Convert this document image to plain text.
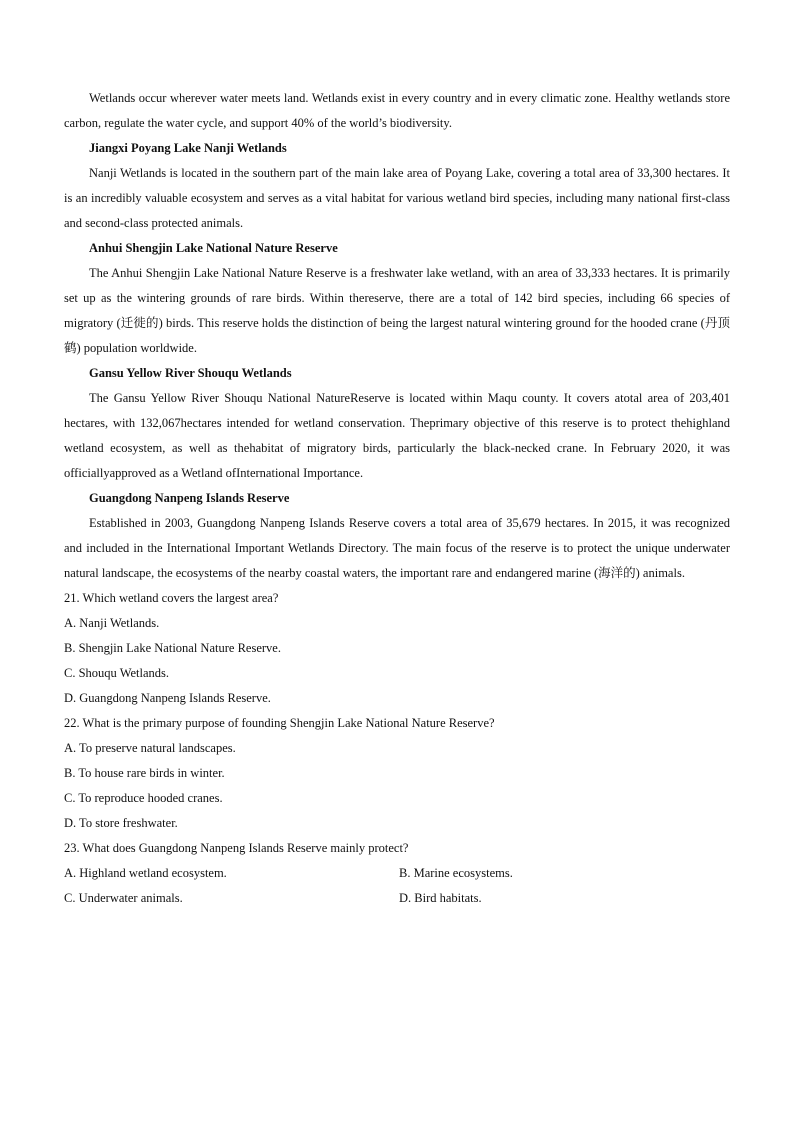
Wetlands occur wherever water meets land. Wetlands exist in every country and in every climatic zone. Healthy wetlands store carbon, regulate the water cycle, and support 40% of the world’s biodiversity.

Jiangxi Poyang Lake Nanji Wetlands

Nanji Wetlands is located in the southern part of the main lake area of Poyang Lake, covering a total area of 33,300 hectares. It is an incredibly valuable ecosystem and serves as a vital habitat for various wetland bird species, including many national first-class and second-class protected animals.

Anhui Shengjin Lake National Nature Reserve

The Anhui Shengjin Lake National Nature Reserve is a freshwater lake wetland, with an area of 33,333 hectares. It is primarily set up as the wintering grounds of rare birds. Within thereserve, there are a total of 142 bird species, including 66 species of migratory (迁徙的) birds. This reserve holds the distinction of being the largest natural wintering ground for the hooded crane (丹顶鹤) population worldwide.

Gansu Yellow River Shouqu Wetlands

The Gansu Yellow River Shouqu National NatureReserve is located within Maqu county. It covers atotal area of 203,401 hectares, with 132,067hectares intended for wetland conservation. Theprimary objective of this reserve is to protect thehighland wetland ecosystem, as well as thehabitat of migratory birds, particularly the black-necked crane. In February 2020, it was officiallyapproved as a Wetland ofInternational Importance.

Guangdong Nanpeng Islands Reserve

Established in 2003, Guangdong Nanpeng Islands Reserve covers a total area of 35,679 hectares. In 2015, it was recognized and included in the International Important Wetlands Directory. The main focus of the reserve is to protect the unique underwater natural landscape, the ecosystems of the nearby coastal waters, the important rare and endangered marine (海洋的) animals.

21. Which wetland covers the largest area?

A. Nanji Wetlands.

B. Shengjin Lake National Nature Reserve.

C. Shouqu Wetlands.

D. Guangdong Nanpeng Islands Reserve.

22. What is the primary purpose of founding Shengjin Lake National Nature Reserve?

A. To preserve natural landscapes.

B. To house rare birds in winter.

C. To reproduce hooded cranes.

D. To store freshwater.

23. What does Guangdong Nanpeng Islands Reserve mainly protect?

A. Highland wetland ecosystem.	B. Marine ecosystems.
C. Underwater animals.	D. Bird habitats.
